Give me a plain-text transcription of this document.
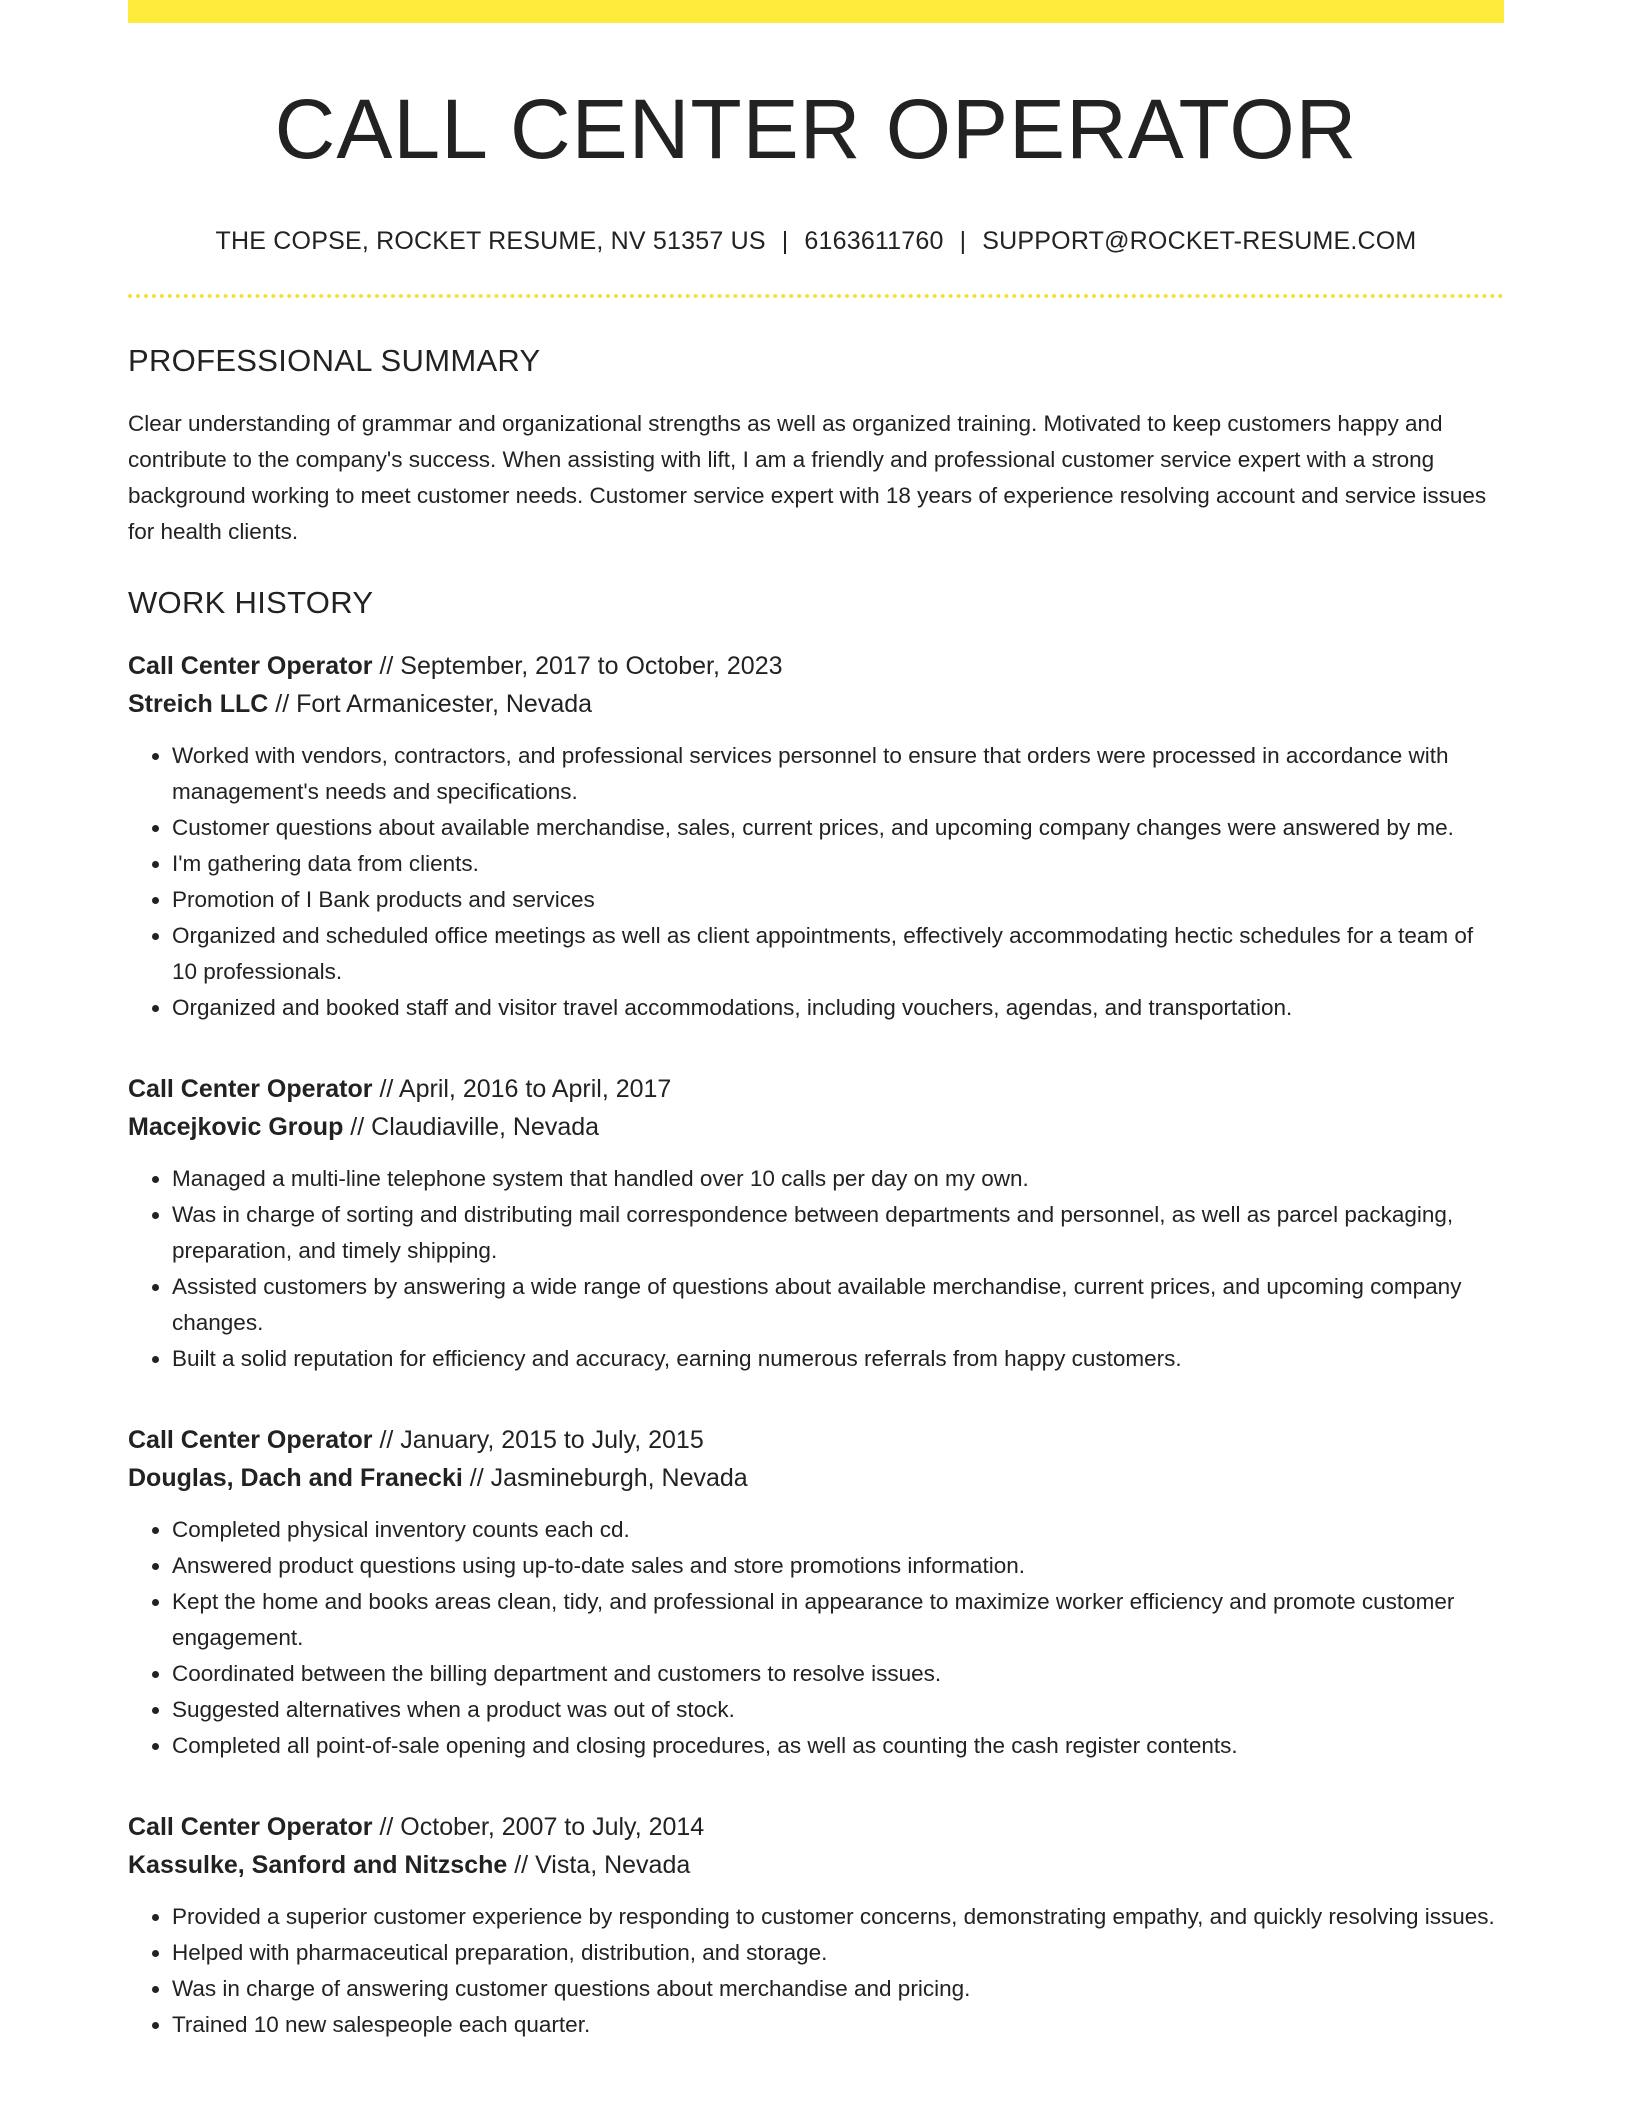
CALL CENTER OPERATOR
THE COPSE, ROCKET RESUME, NV 51357 US | 6163611760 | SUPPORT@ROCKET-RESUME.COM
PROFESSIONAL SUMMARY

Clear understanding of grammar and organizational strengths as well as organized training. Motivated to keep customers happy and contribute to the company's success. When assisting with lift, I am a friendly and professional customer service expert with a strong background working to meet customer needs. Customer service expert with 18 years of experience resolving account and service issues for health clients.

WORK HISTORY
Call Center Operator // September, 2017 to October, 2023
Streich LLC // Fort Armanicester, Nevada
• Worked with vendors, contractors, and professional services personnel to ensure that orders were processed in accordance with management's needs and specifications.
• Customer questions about available merchandise, sales, current prices, and upcoming company changes were answered by me.
• I'm gathering data from clients.
• Promotion of I Bank products and services
• Organized and scheduled office meetings as well as client appointments, effectively accommodating hectic schedules for a team of 10 professionals.
• Organized and booked staff and visitor travel accommodations, including vouchers, agendas, and transportation.
Call Center Operator // April, 2016 to April, 2017
Macejkovic Group // Claudiaville, Nevada
• Managed a multi-line telephone system that handled over 10 calls per day on my own.
• Was in charge of sorting and distributing mail correspondence between departments and personnel, as well as parcel packaging, preparation, and timely shipping.
• Assisted customers by answering a wide range of questions about available merchandise, current prices, and upcoming company changes.
• Built a solid reputation for efficiency and accuracy, earning numerous referrals from happy customers.
Call Center Operator // January, 2015 to July, 2015
Douglas, Dach and Franecki // Jasmineburgh, Nevada
• Completed physical inventory counts each cd.
• Answered product questions using up-to-date sales and store promotions information.
• Kept the home and books areas clean, tidy, and professional in appearance to maximize worker efficiency and promote customer engagement.
• Coordinated between the billing department and customers to resolve issues.
• Suggested alternatives when a product was out of stock.
• Completed all point-of-sale opening and closing procedures, as well as counting the cash register contents.
Call Center Operator // October, 2007 to July, 2014
Kassulke, Sanford and Nitzsche // Vista, Nevada
• Provided a superior customer experience by responding to customer concerns, demonstrating empathy, and quickly resolving issues.
• Helped with pharmaceutical preparation, distribution, and storage.
• Was in charge of answering customer questions about merchandise and pricing.
• Trained 10 new salespeople each quarter.
